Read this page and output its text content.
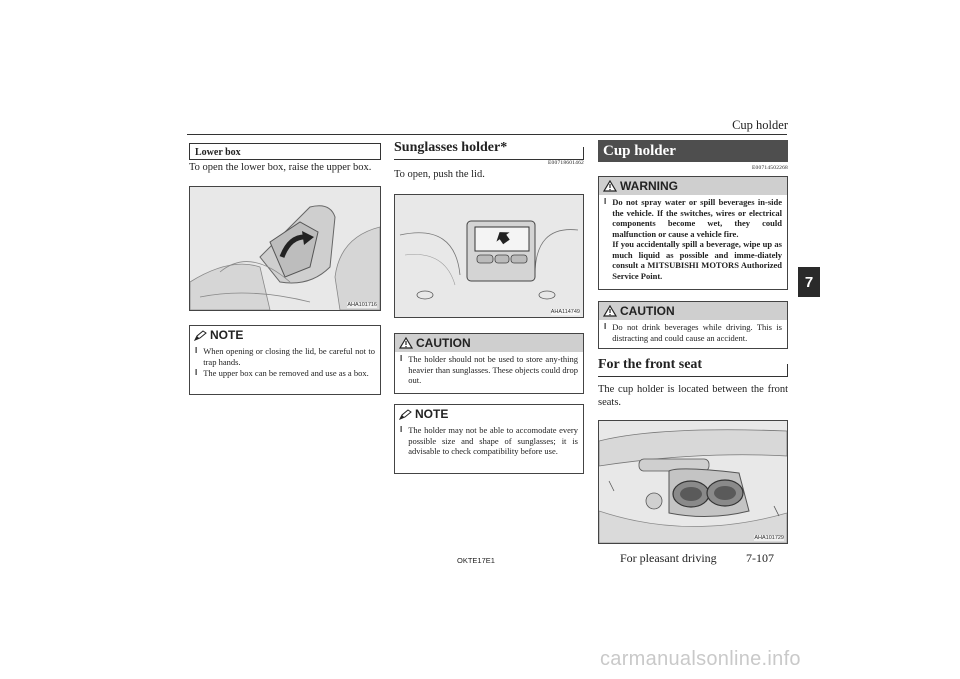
Cup holder
7
Lower box
To open the lower box, raise the upper box.
AHA101716
NOTE
l When opening or closing the lid, be careful not to trap hands.
l The upper box can be removed and use as a box.
Sunglasses holder*
E00718601462
To open, push the lid.
AHA114749
CAUTION
l The holder should not be used to store any-thing heavier than sunglasses. These objects could drop out.
NOTE
l The holder may not be able to accomodate every possible size and shape of sunglasses; it is advisable to check compatibility before use.
Cup holder
E00714502268
WARNING
l Do not spray water or spill beverages in-side the vehicle. If the switches, wires or electrical components become wet, they could malfunction or cause a vehicle fire.
If you accidentally spill a beverage, wipe up as much liquid as possible and imme-diately consult a MITSUBISHI MOTORS Authorized Service Point.
CAUTION
l Do not drink beverages while driving. This is distracting and could cause an accident.
For the front seat
The cup holder is located between the front seats.
AHA101729
OKTE17E1	For pleasant driving 7-107
carmanualsonline.info
